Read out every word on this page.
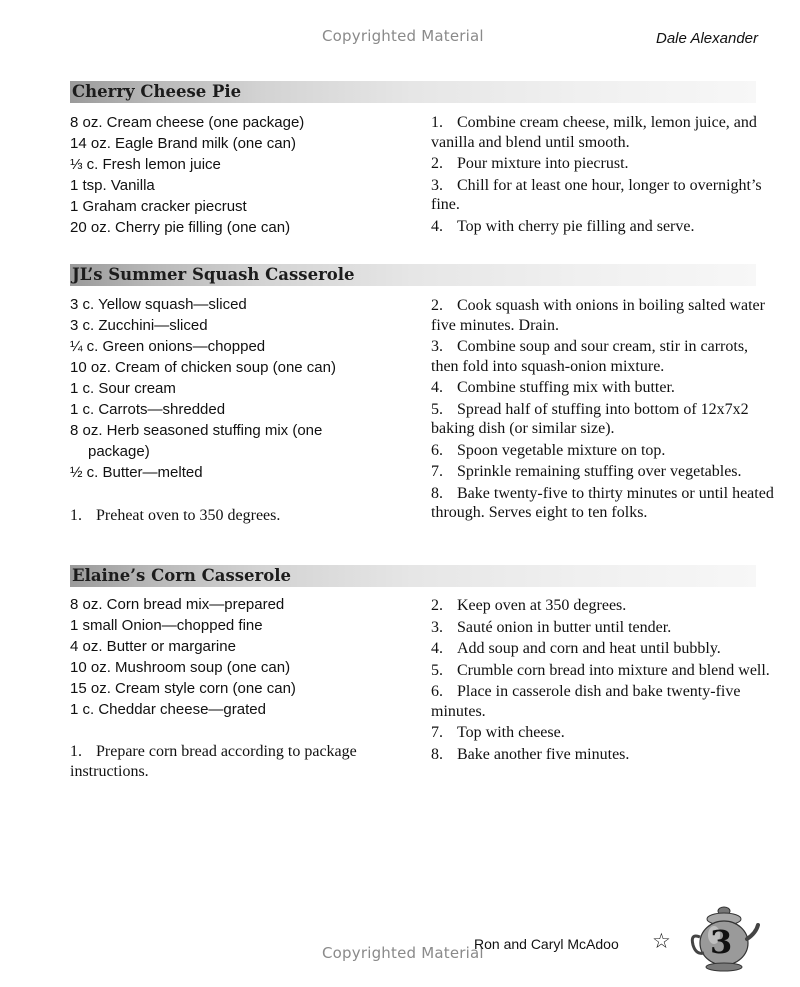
Copyrighted Material	Dale Alexander
Cherry Cheese Pie
8 oz. Cream cheese (one package)
14 oz. Eagle Brand milk (one can)
⅓ c. Fresh lemon juice
1 tsp. Vanilla
1 Graham cracker piecrust
20 oz. Cherry pie filling (one can)
1. Combine cream cheese, milk, lemon juice, and vanilla and blend until smooth.
2. Pour mixture into piecrust.
3. Chill for at least one hour, longer to overnight’s fine.
4. Top with cherry pie filling and serve.
JL’s Summer Squash Casserole
3 c. Yellow squash—sliced
3 c. Zucchini—sliced
¼ c. Green onions—chopped
10 oz. Cream of chicken soup (one can)
1 c. Sour cream
1 c. Carrots—shredded
8 oz. Herb seasoned stuffing mix (one package)
½ c. Butter—melted
1. Preheat oven to 350 degrees.
2. Cook squash with onions in boiling salted water five minutes. Drain.
3. Combine soup and sour cream, stir in carrots, then fold into squash-onion mixture.
4. Combine stuffing mix with butter.
5. Spread half of stuffing into bottom of 12x7x2 baking dish (or similar size).
6. Spoon vegetable mixture on top.
7. Sprinkle remaining stuffing over vegetables.
8. Bake twenty-five to thirty minutes or until heated through. Serves eight to ten folks.
Elaine’s Corn Casserole
8 oz. Corn bread mix—prepared
1 small Onion—chopped fine
4 oz. Butter or margarine
10 oz. Mushroom soup (one can)
15 oz. Cream style corn (one can)
1 c. Cheddar cheese—grated
1. Prepare corn bread according to package instructions.
2. Keep oven at 350 degrees.
3. Sauté onion in butter until tender.
4. Add soup and corn and heat until bubbly.
5. Crumble corn bread into mixture and blend well.
6. Place in casserole dish and bake twenty-five minutes.
7. Top with cheese.
8. Bake another five minutes.
Copyrighted Material
Ron and Caryl McAdoo ☆ 3
